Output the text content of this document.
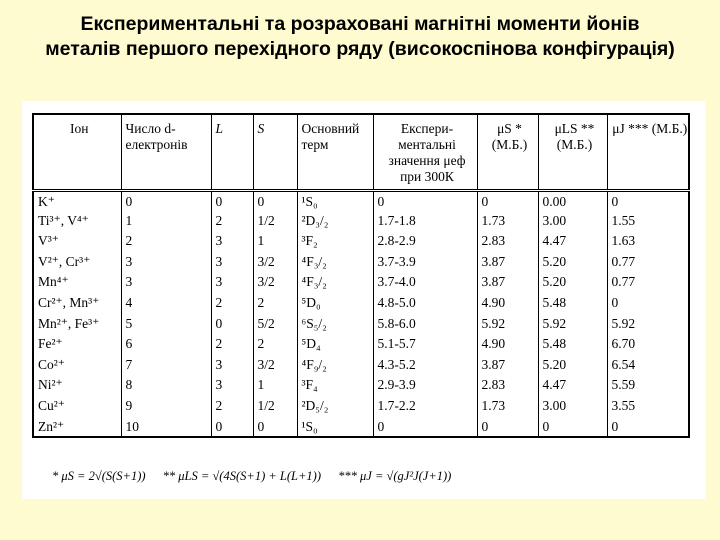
Експериментальні та розраховані магнітні моменти йонів
металів першого перехідного ряду (високоспінова конфігурація)
Іон	Число d-електронів	L	S	Основний терм	Експери-ментальні значення μеф при 300К	μS * (М.Б.)	μLS ** (М.Б.)	μJ *** (М.Б.)
K⁺	0	0	0	¹S₀	0	0	0.00	0
Ti³⁺, V⁴⁺	1	2	1/2	²D₃/₂	1.7-1.8	1.73	3.00	1.55
V³⁺	2	3	1	³F₂	2.8-2.9	2.83	4.47	1.63
V²⁺, Cr³⁺	3	3	3/2	⁴F₃/₂	3.7-3.9	3.87	5.20	0.77
Mn⁴⁺	3	3	3/2	⁴F₃/₂	3.7-4.0	3.87	5.20	0.77
Cr²⁺, Mn³⁺	4	2	2	⁵D₀	4.8-5.0	4.90	5.48	0
Mn²⁺, Fe³⁺	5	0	5/2	⁶S₅/₂	5.8-6.0	5.92	5.92	5.92
Fe²⁺	6	2	2	⁵D₄	5.1-5.7	4.90	5.48	6.70
Co²⁺	7	3	3/2	⁴F₉/₂	4.3-5.2	3.87	5.20	6.54
Ni²⁺	8	3	1	³F₄	2.9-3.9	2.83	4.47	5.59
Cu²⁺	9	2	1/2	²D₅/₂	1.7-2.2	1.73	3.00	3.55
Zn²⁺	10	0	0	¹S₀	0	0	0	0
* μS = 2√(S(S+1)) ** μLS = √(4S(S+1) + L(L+1)) *** μJ = √(gJ²J(J+1))
